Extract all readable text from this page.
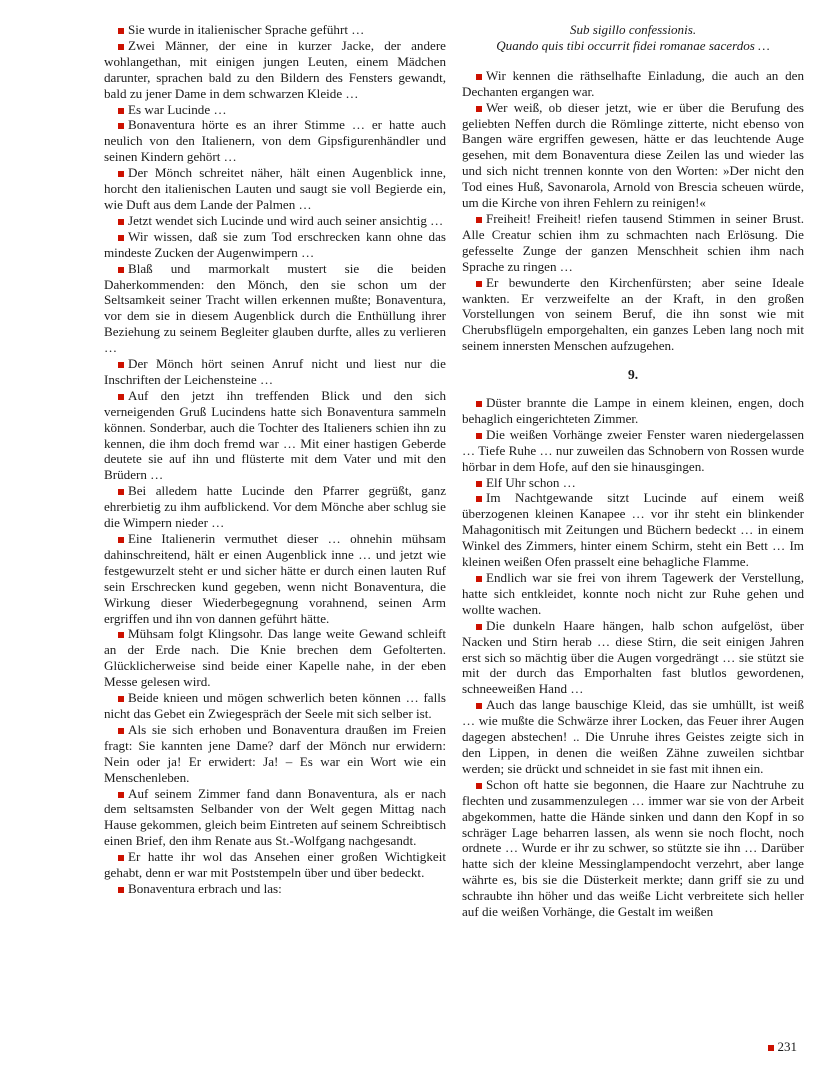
Sie wurde in italienischer Sprache geführt …

Zwei Männer, der eine in kurzer Jacke, der andere wohlangethan, mit einigen jungen Leuten, einem Mädchen darunter, sprachen bald zu den Bildern des Fensters gewandt, bald zu jener Dame in dem schwarzen Kleide …

Es war Lucinde …

Bonaventura hörte es an ihrer Stimme … er hatte auch neulich von den Italienern, von dem Gipsfigurenhändler und seinen Kindern gehört …

Der Mönch schreitet näher, hält einen Augenblick inne, horcht den italienischen Lauten und saugt sie voll Begierde ein, wie Duft aus dem Lande der Palmen …

Jetzt wendet sich Lucinde und wird auch seiner ansichtig …

Wir wissen, daß sie zum Tod erschrecken kann ohne das mindeste Zucken der Augenwimpern …

Blaß und marmorkalt mustert sie die beiden Daherkommenden: den Mönch, den sie schon um der Seltsamkeit seiner Tracht willen erkennen mußte; Bonaventura, vor dem sie in diesem Augenblick durch die Enthüllung ihrer Beziehung zu seinem Begleiter glauben durfte, alles zu verlieren …

Der Mönch hört seinen Anruf nicht und liest nur die Inschriften der Leichensteine …

Auf den jetzt ihn treffenden Blick und den sich verneigenden Gruß Lucindens hatte sich Bonaventura sammeln können. Sonderbar, auch die Tochter des Italieners schien ihn zu kennen, die ihm doch fremd war … Mit einer hastigen Geberde deutete sie auf ihn und flüsterte mit dem Vater und mit den Brüdern …

Bei alledem hatte Lucinde den Pfarrer gegrüßt, ganz ehrerbietig zu ihm aufblickend. Vor dem Mönche aber schlug sie die Wimpern nieder …

Eine Italienerin vermuthet dieser … ohnehin mühsam dahinschreitend, hält er einen Augenblick inne … und jetzt wie festgewurzelt steht er und sicher hätte er durch einen lauten Ruf sein Erschrecken kund gegeben, wenn nicht Bonaventura, die Wirkung dieser Wiederbegegnung vorahnend, seinen Arm ergriffen und ihn von dannen geführt hätte.

Mühsam folgt Klingsohr. Das lange weite Gewand schleift an der Erde nach. Die Knie brechen dem Gefolterten. Glücklicherweise sind beide einer Kapelle nahe, in der eben Messe gelesen wird.

Beide knieen und mögen schwerlich beten können … falls nicht das Gebet ein Zwiegespräch der Seele mit sich selber ist.

Als sie sich erhoben und Bonaventura draußen im Freien fragt: Sie kannten jene Dame? darf der Mönch nur erwidern: Nein oder ja! Er erwidert: Ja! – Es war ein Wort wie ein Menschenleben.

Auf seinem Zimmer fand dann Bonaventura, als er nach dem seltsamsten Selbander von der Welt gegen Mittag nach Hause gekommen, gleich beim Eintreten auf seinem Schreibtisch einen Brief, den ihm Renate aus St.-Wolfgang nachgesandt.

Er hatte ihr wol das Ansehen einer großen Wichtigkeit gehabt, denn er war mit Poststempeln über und über bedeckt.

Bonaventura erbrach und las:

Sub sigillo confessionis.

Quando quis tibi occurrit fidei romanae sacerdos …

Wir kennen die räthselhafte Einladung, die auch an den Dechanten ergangen war.

Wer weiß, ob dieser jetzt, wie er über die Berufung des geliebten Neffen durch die Römlinge zitterte, nicht ebenso von Bangen wäre ergriffen gewesen, hätte er das leuchtende Auge gesehen, mit dem Bonaventura diese Zeilen las und wieder las und sich nicht trennen konnte von den Worten: »Der nicht den Tod eines Huß, Savonarola, Arnold von Brescia scheuen würde, um die Kirche von ihren Fehlern zu reinigen!«

Freiheit! Freiheit! riefen tausend Stimmen in seiner Brust. Alle Creatur schien ihm zu schmachten nach Erlösung. Die gefesselte Zunge der ganzen Menschheit schien ihm nach Sprache zu ringen …

Er bewunderte den Kirchenfürsten; aber seine Ideale wankten. Er verzweifelte an der Kraft, in den großen Vorstellungen von seinem Beruf, die ihn sonst wie mit Cherubsflügeln emporgehalten, ein ganzes Leben lang noch mit seinem innersten Menschen aufzugehen.

9.

Düster brannte die Lampe in einem kleinen, engen, doch behaglich eingerichteten Zimmer.

Die weißen Vorhänge zweier Fenster waren niedergelassen … Tiefe Ruhe … nur zuweilen das Schnobern von Rossen wurde hörbar in dem Hofe, auf den sie hinausgingen.

Elf Uhr schon …

Im Nachtgewande sitzt Lucinde auf einem weiß überzogenen kleinen Kanapee … vor ihr steht ein blinkender Mahagonitisch mit Zeitungen und Büchern bedeckt … in einem Winkel des Zimmers, hinter einem Schirm, steht ein Bett … Im kleinen weißen Ofen prasselt eine behagliche Flamme.

Endlich war sie frei von ihrem Tagewerk der Verstellung, hatte sich entkleidet, konnte noch nicht zur Ruhe gehen und wollte wachen.

Die dunkeln Haare hängen, halb schon aufgelöst, über Nacken und Stirn herab … diese Stirn, die seit einigen Jahren erst sich so mächtig über die Augen vorgedrängt … sie stützt sie mit der durch das Emporhalten fast blutlos gewordenen, schneeweißen Hand …

Auch das lange bauschige Kleid, das sie umhüllt, ist weiß … wie mußte die Schwärze ihrer Locken, das Feuer ihrer Augen dagegen abstechen! .. Die Unruhe ihres Geistes zeigte sich in den Lippen, in denen die weißen Zähne zuweilen sichtbar werden; sie drückt und schneidet in sie fast mit ihnen ein.

Schon oft hatte sie begonnen, die Haare zur Nachtruhe zu flechten und zusammenzulegen … immer war sie von der Arbeit abgekommen, hatte die Hände sinken und dann den Kopf in so schräger Lage beharren lassen, als wenn sie noch flocht, noch ordnete … Wurde er ihr zu schwer, so stützte sie ihn … Darüber hatte sich der kleine Messinglampendocht verzehrt, aber lange währte es, bis sie die Düsterkeit merkte; dann griff sie zu und schraubte ihn höher und das weiße Licht verbreitete sich heller auf die weißen Vorhänge, die Gestalt im weißen

231
